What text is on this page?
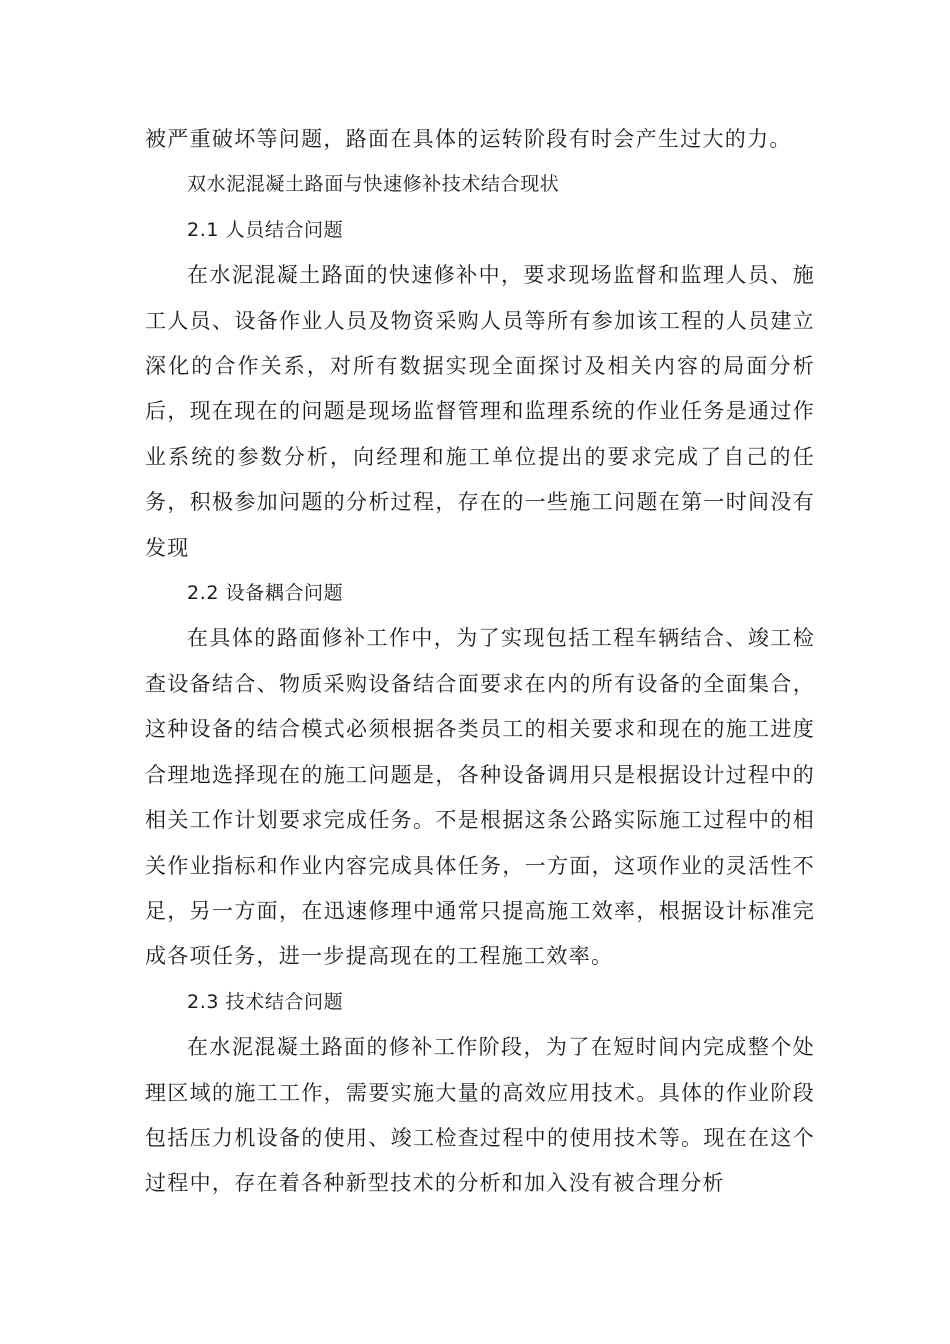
被严重破坏等问题，路面在具体的运转阶段有时会产生过大的力。

双水泥混凝土路面与快速修补技术结合现状

2.1 人员结合问题

在水泥混凝土路面的快速修补中，要求现场监督和监理人员、施工人员、设备作业人员及物资采购人员等所有参加该工程的人员建立深化的合作关系，对所有数据实现全面探讨及相关内容的局面分析后，现在现在的问题是现场监督管理和监理系统的作业任务是通过作业系统的参数分析，向经理和施工单位提出的要求完成了自己的任务，积极参加问题的分析过程，存在的一些施工问题在第一时间没有发现

2.2 设备耦合问题

在具体的路面修补工作中，为了实现包括工程车辆结合、竣工检查设备结合、物质采购设备结合面要求在内的所有设备的全面集合，这种设备的结合模式必须根据各类员工的相关要求和现在的施工进度合理地选择现在的施工问题是，各种设备调用只是根据设计过程中的相关工作计划要求完成任务。不是根据这条公路实际施工过程中的相关作业指标和作业内容完成具体任务，一方面，这项作业的灵活性不足，另一方面，在迅速修理中通常只提高施工效率，根据设计标准完成各项任务，进一步提高现在的工程施工效率。

2.3 技术结合问题

在水泥混凝土路面的修补工作阶段，为了在短时间内完成整个处理区域的施工工作，需要实施大量的高效应用技术。具体的作业阶段包括压力机设备的使用、竣工检查过程中的使用技术等。现在在这个过程中，存在着各种新型技术的分析和加入没有被合理分析
